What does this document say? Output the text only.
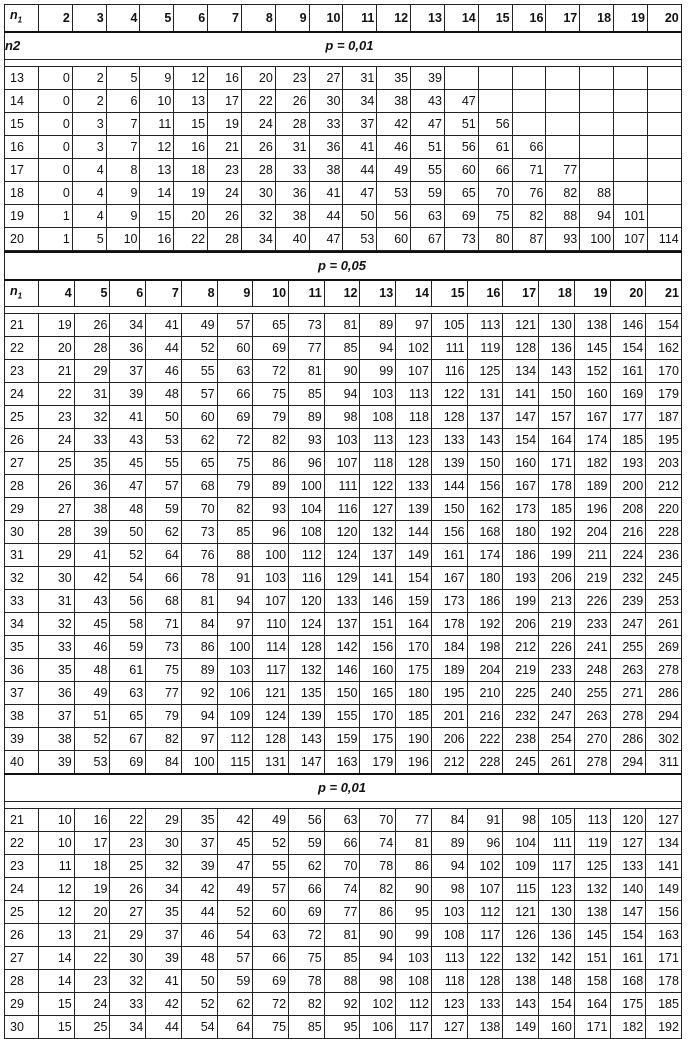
$n_1$	2	3	4	5	6	7	8	9	10	11	12	13	14	15	16	17	18	19	20

n2 p = 0,01																			

13	0	2	5	9	12	16	20	23	27	31	35	39							
14	0	2	6	10	13	17	22	26	30	34	38	43	47						
15	0	3	7	11	15	19	24	28	33	37	42	47	51	56					
16	0	3	7	12	16	21	26	31	36	41	46	51	56	61	66				
17	0	4	8	13	18	23	28	33	38	44	49	55	60	66	71	77			
18	0	4	9	14	19	24	30	36	41	47	53	59	65	70	76	82	88		
19	1	4	9	15	20	26	32	38	44	50	56	63	69	75	82	88	94	101	
20	1	5	10	16	22	28	34	40	47	53	60	67	73	80	87	93	100	107	114
p = 0,05																		
$n_1$	4	5	6	7	8	9	10	11	12	13	14	15	16	17	18	19	20	21

21	19	26	34	41	49	57	65	73	81	89	97	105	113	121	130	138	146	154
22	20	28	36	44	52	60	69	77	85	94	102	111	119	128	136	145	154	162
23	21	29	37	46	55	63	72	81	90	99	107	116	125	134	143	152	161	170
24	22	31	39	48	57	66	75	85	94	103	113	122	131	141	150	160	169	179
25	23	32	41	50	60	69	79	89	98	108	118	128	137	147	157	167	177	187
26	24	33	43	53	62	72	82	93	103	113	123	133	143	154	164	174	185	195
27	25	35	45	55	65	75	86	96	107	118	128	139	150	160	171	182	193	203
28	26	36	47	57	68	79	89	100	111	122	133	144	156	167	178	189	200	212
29	27	38	48	59	70	82	93	104	116	127	139	150	162	173	185	196	208	220
30	28	39	50	62	73	85	96	108	120	132	144	156	168	180	192	204	216	228
31	29	41	52	64	76	88	100	112	124	137	149	161	174	186	199	211	224	236
32	30	42	54	66	78	91	103	116	129	141	154	167	180	193	206	219	232	245
33	31	43	56	68	81	94	107	120	133	146	159	173	186	199	213	226	239	253
34	32	45	58	71	84	97	110	124	137	151	164	178	192	206	219	233	247	261
35	33	46	59	73	86	100	114	128	142	156	170	184	198	212	226	241	255	269
36	35	48	61	75	89	103	117	132	146	160	175	189	204	219	233	248	263	278
37	36	49	63	77	92	106	121	135	150	165	180	195	210	225	240	255	271	286
38	37	51	65	79	94	109	124	139	155	170	185	201	216	232	247	263	278	294
39	38	52	67	82	97	112	128	143	159	175	190	206	222	238	254	270	286	302
40	39	53	69	84	100	115	131	147	163	179	196	212	228	245	261	278	294	311
p = 0,01																		

21	10	16	22	29	35	42	49	56	63	70	77	84	91	98	105	113	120	127
22	10	17	23	30	37	45	52	59	66	74	81	89	96	104	111	119	127	134
23	11	18	25	32	39	47	55	62	70	78	86	94	102	109	117	125	133	141
24	12	19	26	34	42	49	57	66	74	82	90	98	107	115	123	132	140	149
25	12	20	27	35	44	52	60	69	77	86	95	103	112	121	130	138	147	156
26	13	21	29	37	46	54	63	72	81	90	99	108	117	126	136	145	154	163
27	14	22	30	39	48	57	66	75	85	94	103	113	122	132	142	151	161	171
28	14	23	32	41	50	59	69	78	88	98	108	118	128	138	148	158	168	178
29	15	24	33	42	52	62	72	82	92	102	112	123	133	143	154	164	175	185
30	15	25	34	44	54	64	75	85	95	106	117	127	138	149	160	171	182	192
